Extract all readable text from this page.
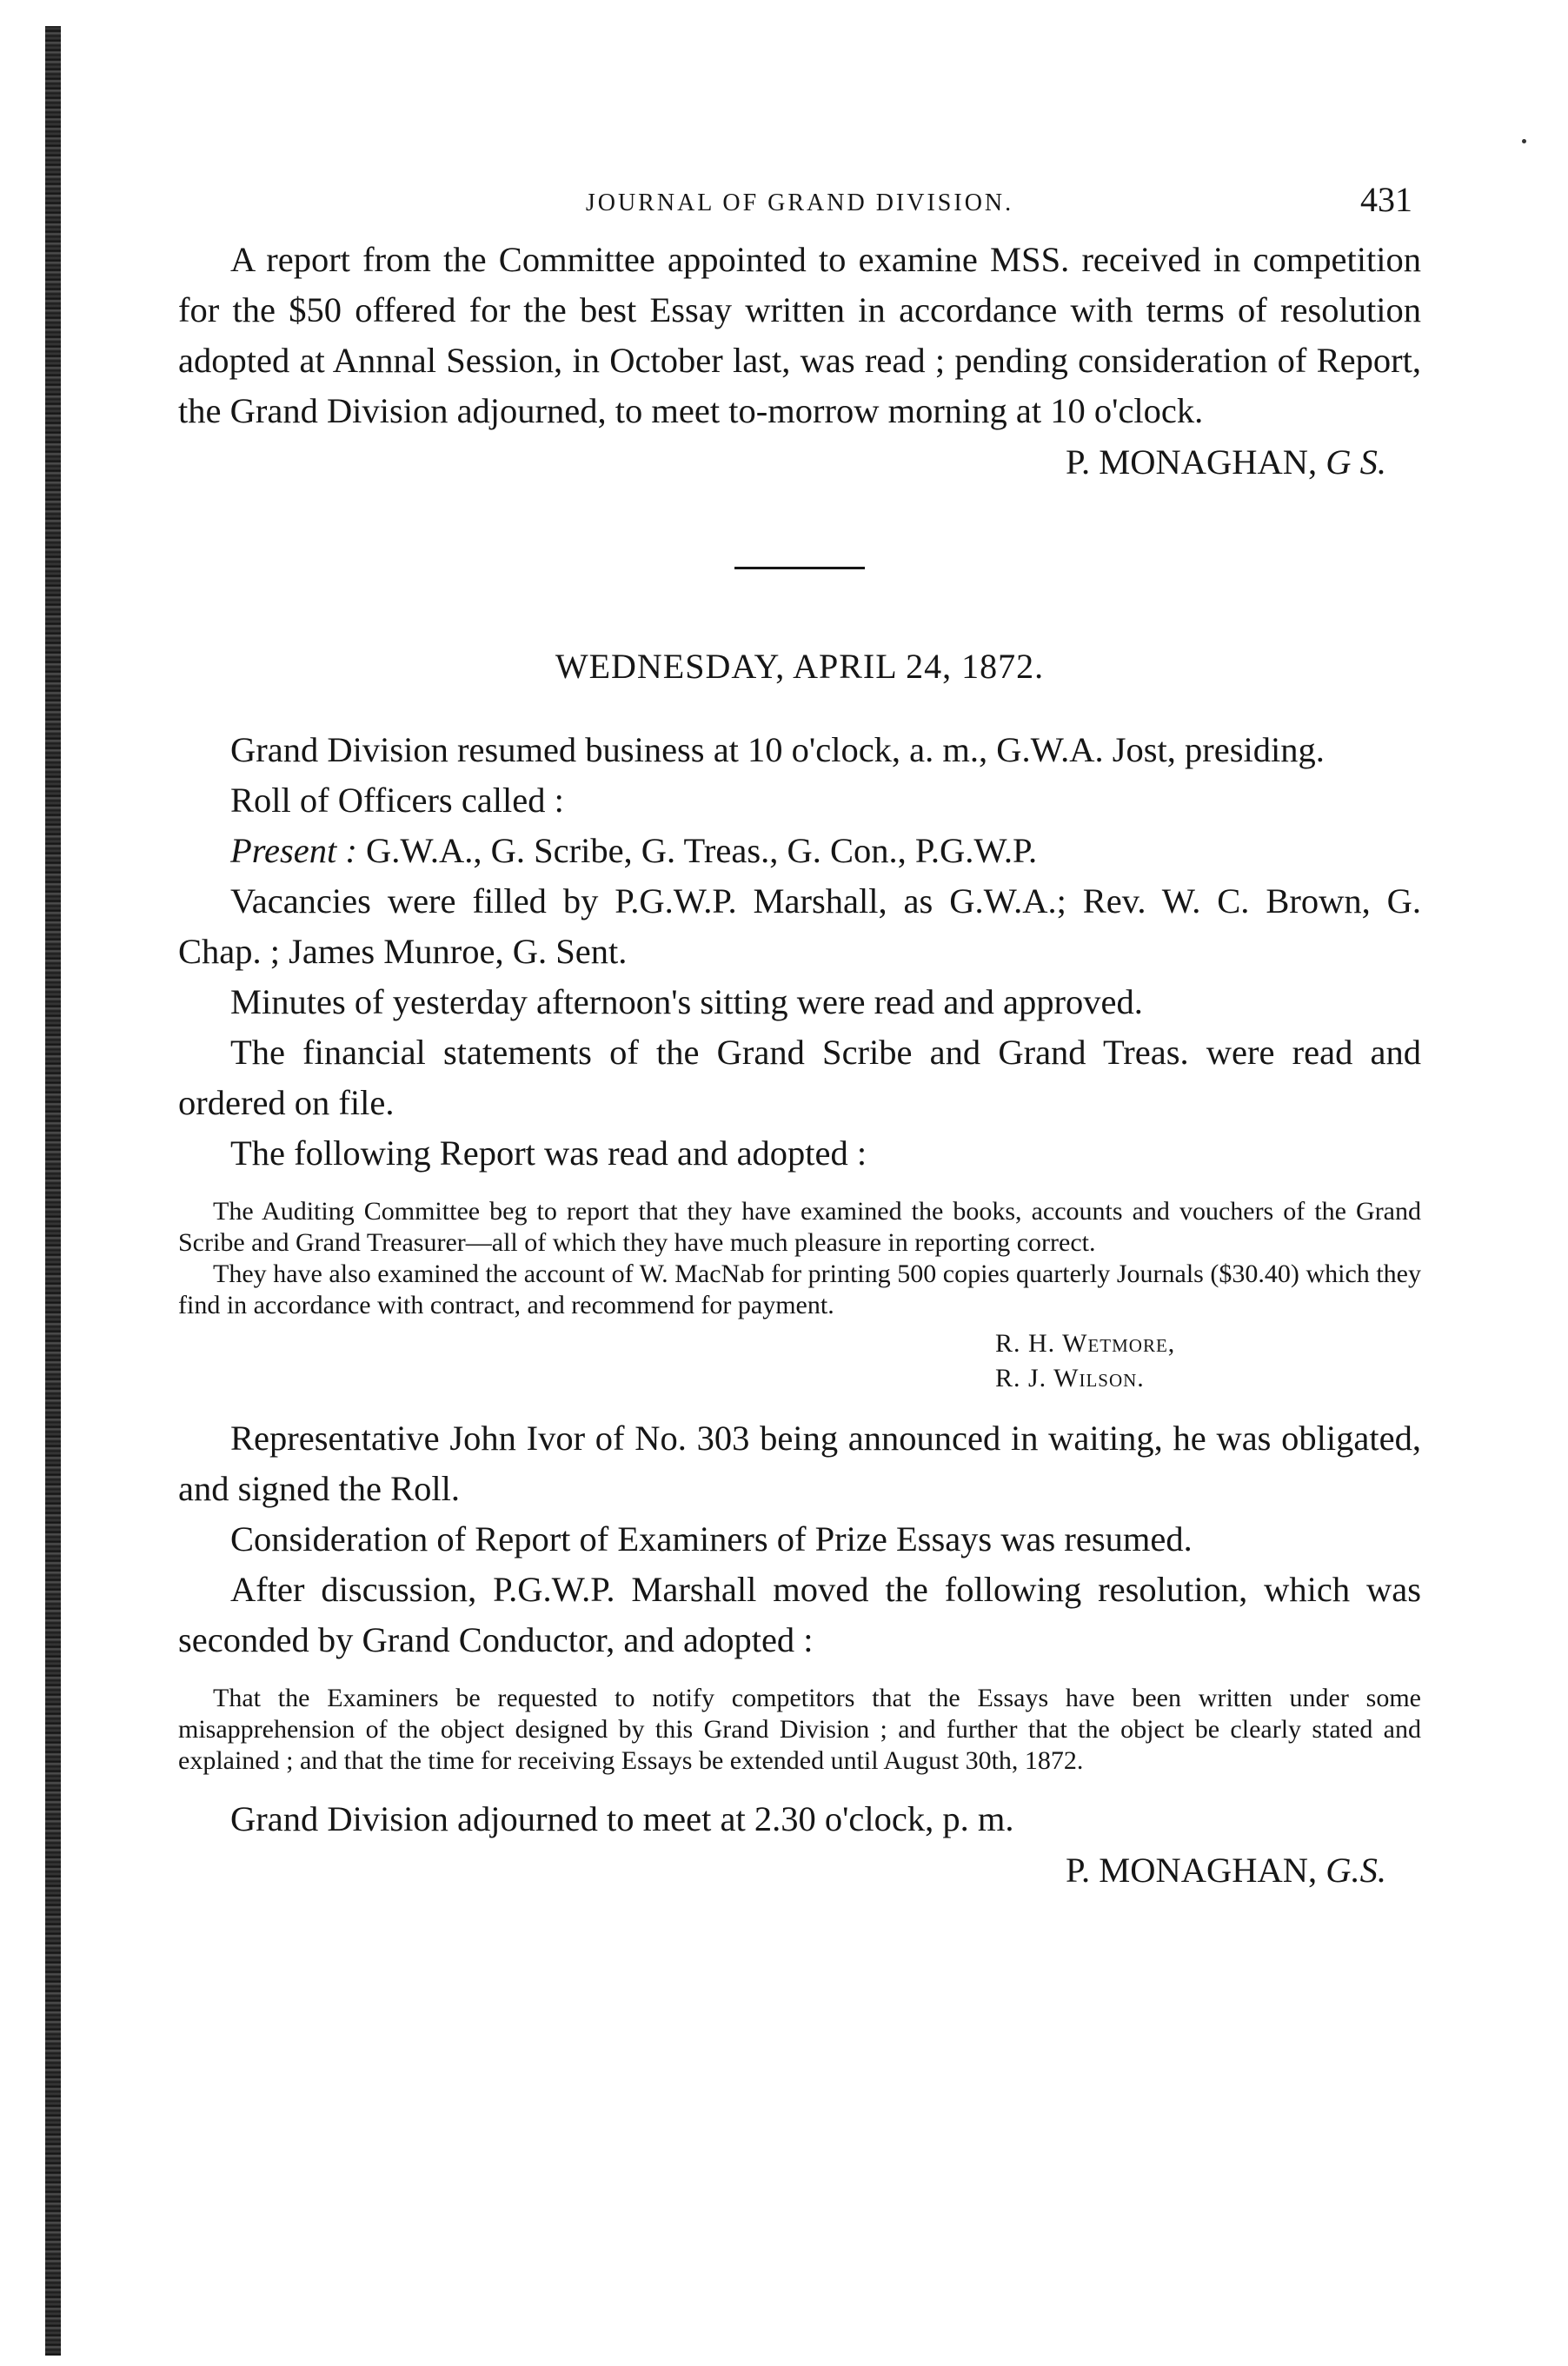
JOURNAL OF GRAND DIVISION.	431

A report from the Committee appointed to examine MSS. received in competition for the $50 offered for the best Essay written in accordance with terms of resolution adopted at Annnal Session, in October last, was read ; pending consideration of Report, the Grand Division adjourned, to meet to-morrow morning at 10 o'clock.

P. MONAGHAN, G S.
WEDNESDAY, APRIL 24, 1872.

Grand Division resumed business at 10 o'clock, a. m., G.W.A. Jost, presiding.

Roll of Officers called :

Present : G.W.A., G. Scribe, G. Treas., G. Con., P.G.W.P.

Vacancies were filled by P.G.W.P. Marshall, as G.W.A.; Rev. W. C. Brown, G. Chap. ; James Munroe, G. Sent.

Minutes of yesterday afternoon's sitting were read and approved.

The financial statements of the Grand Scribe and Grand Treas. were read and ordered on file.

The following Report was read and adopted :

The Auditing Committee beg to report that they have examined the books, accounts and vouchers of the Grand Scribe and Grand Treasurer—all of which they have much pleasure in reporting correct.

They have also examined the account of W. MacNab for printing 500 copies quarterly Journals ($30.40) which they find in accordance with contract, and recommend for payment.

R. H. Wetmore,
R. J. Wilson.

Representative John Ivor of No. 303 being announced in waiting, he was obligated, and signed the Roll.

Consideration of Report of Examiners of Prize Essays was resumed.

After discussion, P.G.W.P. Marshall moved the following resolution, which was seconded by Grand Conductor, and adopted :

That the Examiners be requested to notify competitors that the Essays have been written under some misapprehension of the object designed by this Grand Division ; and further that the object be clearly stated and explained ; and that the time for receiving Essays be extended until August 30th, 1872.

Grand Division adjourned to meet at 2.30 o'clock, p. m.

P. MONAGHAN, G.S.
